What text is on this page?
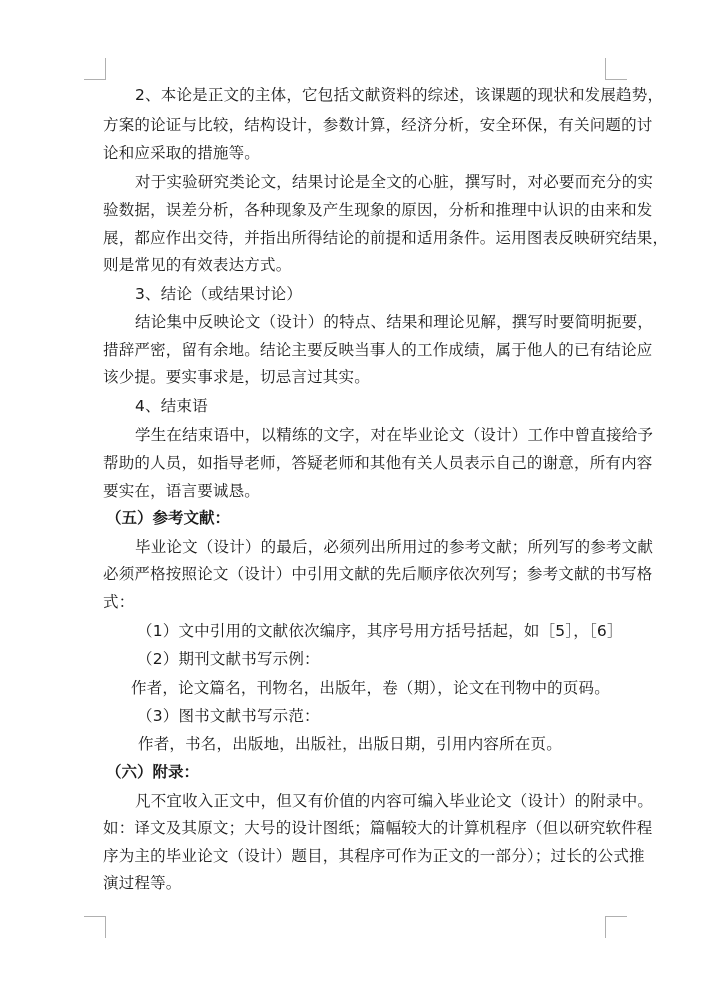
2、本论是正文的主体，它包括文献资料的综述，该课题的现状和发展趋势，
方案的论证与比较，结构设计，参数计算，经济分析，安全环保，有关问题的讨
论和应采取的措施等。
对于实验研究类论文，结果讨论是全文的心脏，撰写时，对必要而充分的实
验数据，误差分析，各种现象及产生现象的原因，分析和推理中认识的由来和发
展，都应作出交待，并指出所得结论的前提和适用条件。运用图表反映研究结果，
则是常见的有效表达方式。
3、结论（或结果讨论）
结论集中反映论文（设计）的特点、结果和理论见解，撰写时要简明扼要，
措辞严密，留有余地。结论主要反映当事人的工作成绩，属于他人的已有结论应
该少提。要实事求是，切忌言过其实。
4、结束语
学生在结束语中，以精练的文字，对在毕业论文（设计）工作中曾直接给予
帮助的人员，如指导老师，答疑老师和其他有关人员表示自己的谢意，所有内容
要实在，语言要诚恳。
（五）参考文献：
毕业论文（设计）的最后，必须列出所用过的参考文献；所列写的参考文献
必须严格按照论文（设计）中引用文献的先后顺序依次列写；参考文献的书写格
式：
（1）文中引用的文献依次编序，其序号用方括号括起，如［5］，［6］
（2）期刊文献书写示例：
作者，论文篇名，刊物名，出版年，卷（期），论文在刊物中的页码。
（3）图书文献书写示范：
作者，书名，出版地，出版社，出版日期，引用内容所在页。
（六）附录：
凡不宜收入正文中，但又有价值的内容可编入毕业论文（设计）的附录中。
如：译文及其原文；大号的设计图纸；篇幅较大的计算机程序（但以研究软件程
序为主的毕业论文（设计）题目，其程序可作为正文的一部分）；过长的公式推
演过程等。
